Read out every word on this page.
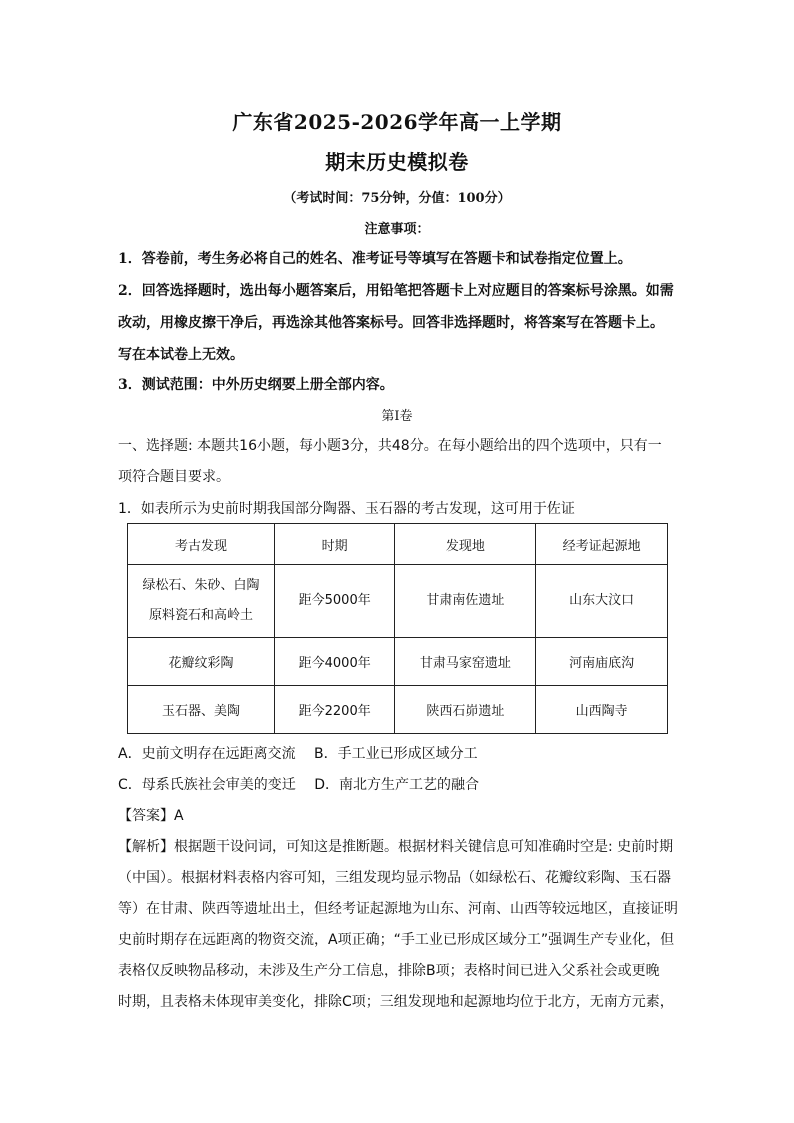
广东省2025-2026学年高一上学期
期末历史模拟卷
（考试时间：75分钟，分值：100分）
注意事项：
1．答卷前，考生务必将自己的姓名、准考证号等填写在答题卡和试卷指定位置上。
2．回答选择题时，选出每小题答案后，用铅笔把答题卡上对应题目的答案标号涂黑。如需
改动，用橡皮擦干净后，再选涂其他答案标号。回答非选择题时，将答案写在答题卡上。
写在本试卷上无效。
3．测试范围：中外历史纲要上册全部内容。
第Ⅰ卷
一、选择题: 本题共16小题，每小题3分，共48分。在每小题给出的四个选项中，只有一
项符合题目要求。
1．如表所示为史前时期我国部分陶器、玉石器的考古发现，这可用于佐证
考古发现	时期	发现地	经考证起源地

绿松石、朱砂、白陶
原料瓷石和高岭土	距今5000年	甘肃南佐遗址	山东大汶口
花瓣纹彩陶	距今4000年	甘肃马家窑遗址	河南庙底沟
玉石器、美陶	距今2200年	陕西石峁遗址	山西陶寺
A．史前文明存在远距离交流　 B．手工业已形成区域分工
C．母系氏族社会审美的变迁　 D．南北方生产工艺的融合
【答案】A
【解析】根据题干设问词，可知这是推断题。根据材料关键信息可知准确时空是: 史前时期
（中国）。根据材料表格内容可知，三组发现均显示物品（如绿松石、花瓣纹彩陶、玉石器
等）在甘肃、陕西等遗址出土，但经考证起源地为山东、河南、山西等较远地区，直接证明
史前时期存在远距离的物资交流，A项正确；“手工业已形成区域分工”强调生产专业化，但
表格仅反映物品移动，未涉及生产分工信息，排除B项；表格时间已进入父系社会或更晚
时期，且表格未体现审美变化，排除C项；三组发现地和起源地均位于北方，无南方元素，
